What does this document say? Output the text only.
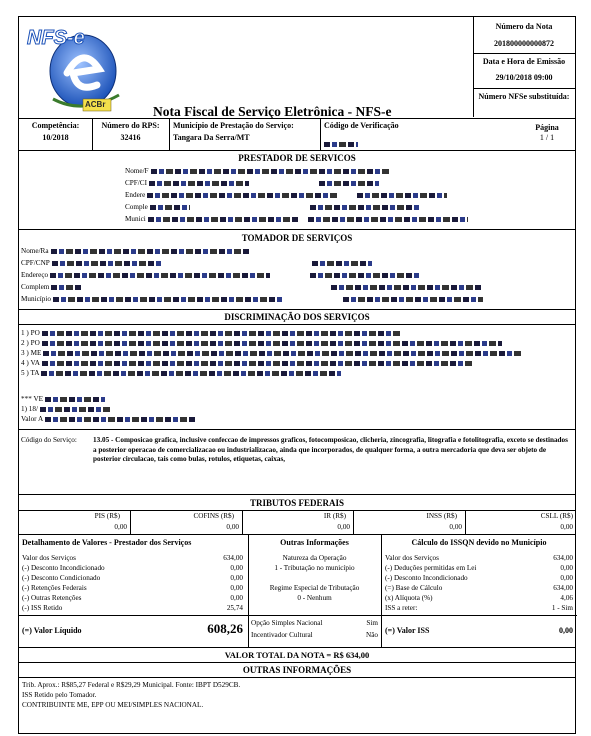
NFS-e
ACBr	Nota Fiscal de Serviço Eletrônica - NFS-e
Número da Nota
201800000000872
Data e Hora de Emissão
29/10/2018 09:00
Número NFSe substituída:
Competência:
10/2018
Número do RPS:
32416
Município de Prestação do Serviço:
Tangara Da Serra/MT
Código de Verificação	Página
1 / 1
PRESTADOR DE SERVICOS
Nome/F
CPF/CI
Endere
Comple
Munici
TOMADOR DE SERVIÇOS
Nome/Ra
CPF/CNP
Endereço
Complem
Município
DISCRIMINAÇÃO DOS SERVIÇOS
1 ) PO
2 ) PO
3 ) ME
4 ) VA
5 ) TA
*** VE
1) 18/
Valor A
Código do Serviço: 13.05 - Composicao grafica, inclusive confeccao de impressos graficos, fotocomposicao, clicheria, zincografia, litografia e fotolitografia, exceto se destinados a posterior operacao de comercializacao ou industrializacao, ainda que incorporados, de qualquer forma, a outra mercadoria que deva ser objeto de posterior circulacao, tais como bulas, rotulos, etiquetas, caixas,
TRIBUTOS FEDERAIS
PIS (R$)
0,00
COFINS (R$)
0,00
IR (R$)
0,00
INSS (R$)
0,00
CSLL (R$)
0,00
Detalhamento de Valores - Prestador dos Serviços
Valor dos Serviços	634,00
(-) Desconto Incondicionado	0,00
(-) Desconto Condicionado	0,00
(-) Retenções Federais	0,00
(-) Outras Retenções	0,00
(-) ISS Retido	25,74
(=) Valor Líquido	608,26
Outras Informações
Natureza da Operação
1 - Tributação no município
Regime Especial de Tributação
0 - Nenhum
Opção Simples Nacional	Sim
Incentivador Cultural	Não
Cálculo do ISSQN devido no Município
Valor dos Serviços	634,00
(-) Deduções permitidas em Lei	0,00
(-) Desconto Incondicionado	0,00
(=) Base de Cálculo	634,00
(x) Alíquota (%)	4,06
ISS a reter:	1 - Sim
(=) Valor ISS	0,00
VALOR TOTAL DA NOTA = R$ 634,00
OUTRAS INFORMAÇÕES
Trib. Aprox.: R$85,27 Federal e R$29,29 Municipal. Fonte: IBPT D529CB.
ISS Retido pelo Tomador.
CONTRIBUINTE ME, EPP OU MEI/SIMPLES NACIONAL.
